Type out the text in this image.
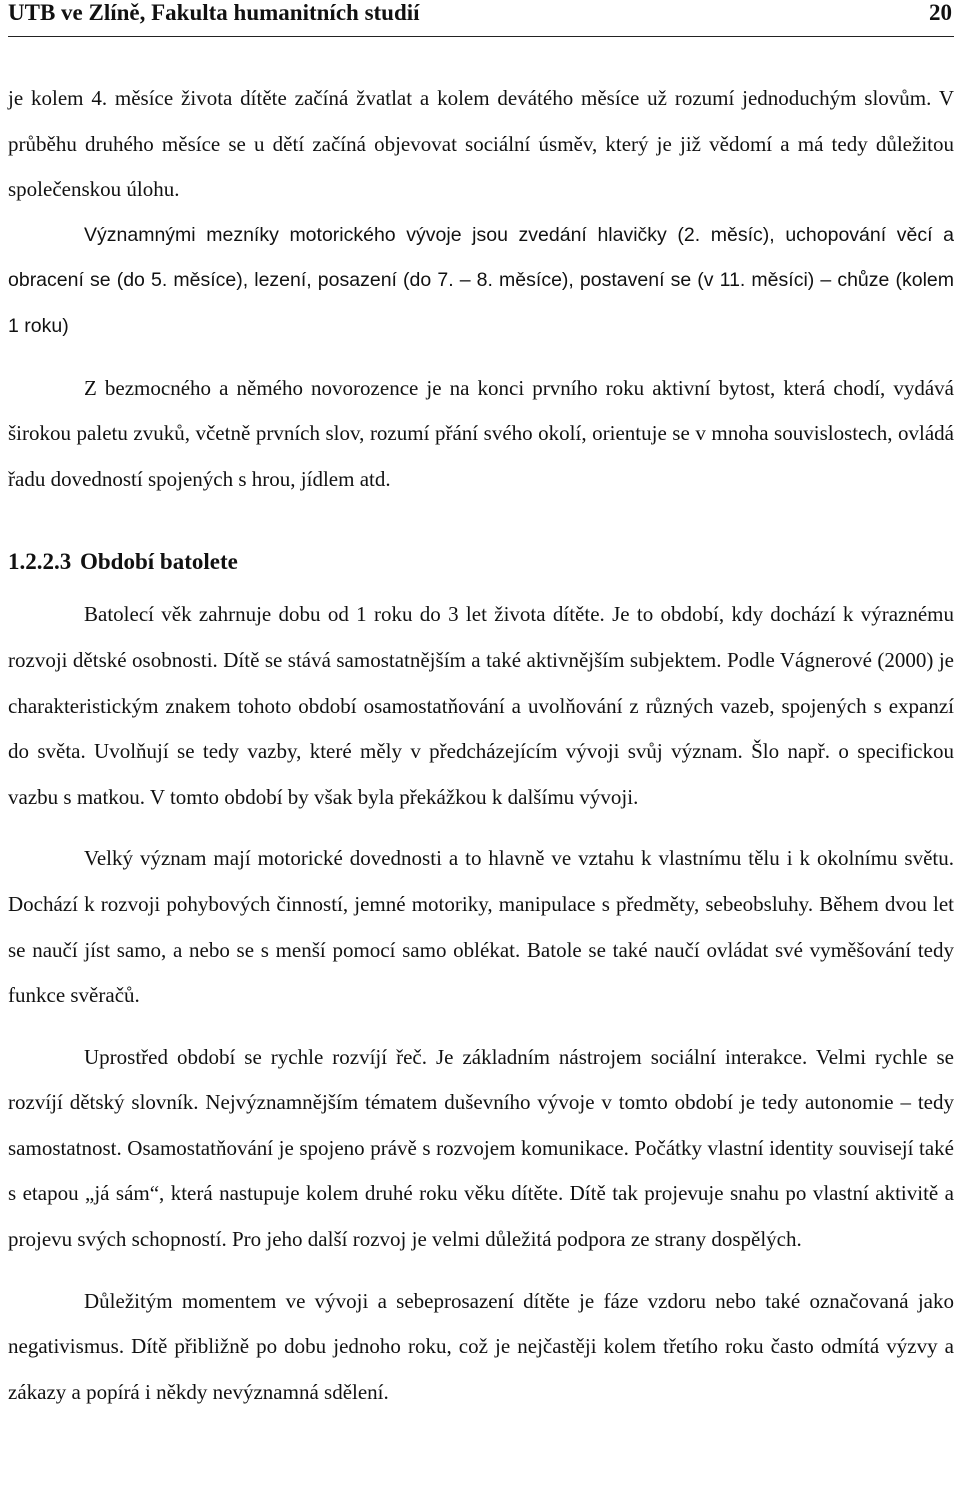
UTB ve Zlíně, Fakulta humanitních studií	20

je kolem 4. měsíce života dítěte začíná žvatlat a kolem devátého měsíce už rozumí jednoduchým slovům. V průběhu druhého měsíce se u dětí začíná objevovat sociální úsměv, který je již vědomí a má tedy důležitou společenskou úlohu.

Významnými mezníky motorického vývoje jsou zvedání hlavičky (2. měsíc), uchopování věcí a obracení se (do 5. měsíce), lezení, posazení (do 7. – 8. měsíce), postavení se (v 11. měsíci) – chůze (kolem 1 roku)

Z bezmocného a němého novorozence je na konci prvního roku aktivní bytost, která chodí, vydává širokou paletu zvuků, včetně prvních slov, rozumí přání svého okolí, orientuje se v mnoha souvislostech, ovládá řadu dovedností spojených s hrou, jídlem atd.

1.2.2.3 Období batolete

Batolecí věk zahrnuje dobu od 1 roku do 3 let života dítěte. Je to období, kdy dochází k výraznému rozvoji dětské osobnosti. Dítě se stává samostatnějším a také aktivnějším subjektem. Podle Vágnerové (2000) je charakteristickým znakem tohoto období osamostatňování a uvolňování z různých vazeb, spojených s expanzí do světa. Uvolňují se tedy vazby, které měly v předcházejícím vývoji svůj význam. Šlo např. o specifickou vazbu s matkou. V tomto období by však byla překážkou k dalšímu vývoji.

Velký význam mají motorické dovednosti a to hlavně ve vztahu k vlastnímu tělu i k okolnímu světu. Dochází k rozvoji pohybových činností, jemné motoriky, manipulace s předměty, sebeobsluhy. Během dvou let se naučí jíst samo, a nebo se s menší pomocí samo oblékat. Batole se také naučí ovládat své vyměšování tedy funkce svěračů.

Uprostřed období se rychle rozvíjí řeč. Je základním nástrojem sociální interakce. Velmi rychle se rozvíjí dětský slovník. Nejvýznamnějším tématem duševního vývoje v tomto období je tedy autonomie – tedy samostatnost. Osamostatňování je spojeno právě s rozvojem komunikace. Počátky vlastní identity souvisejí také s etapou „já sám“, která nastupuje kolem druhé roku věku dítěte. Dítě tak projevuje snahu po vlastní aktivitě a projevu svých schopností. Pro jeho další rozvoj je velmi důležitá podpora ze strany dospělých.

Důležitým momentem ve vývoji a sebeprosazení dítěte je fáze vzdoru nebo také označovaná jako negativismus. Dítě přibližně po dobu jednoho roku, což je nejčastěji kolem třetího roku často odmítá výzvy a zákazy a popírá i někdy nevýznamná sdělení.
